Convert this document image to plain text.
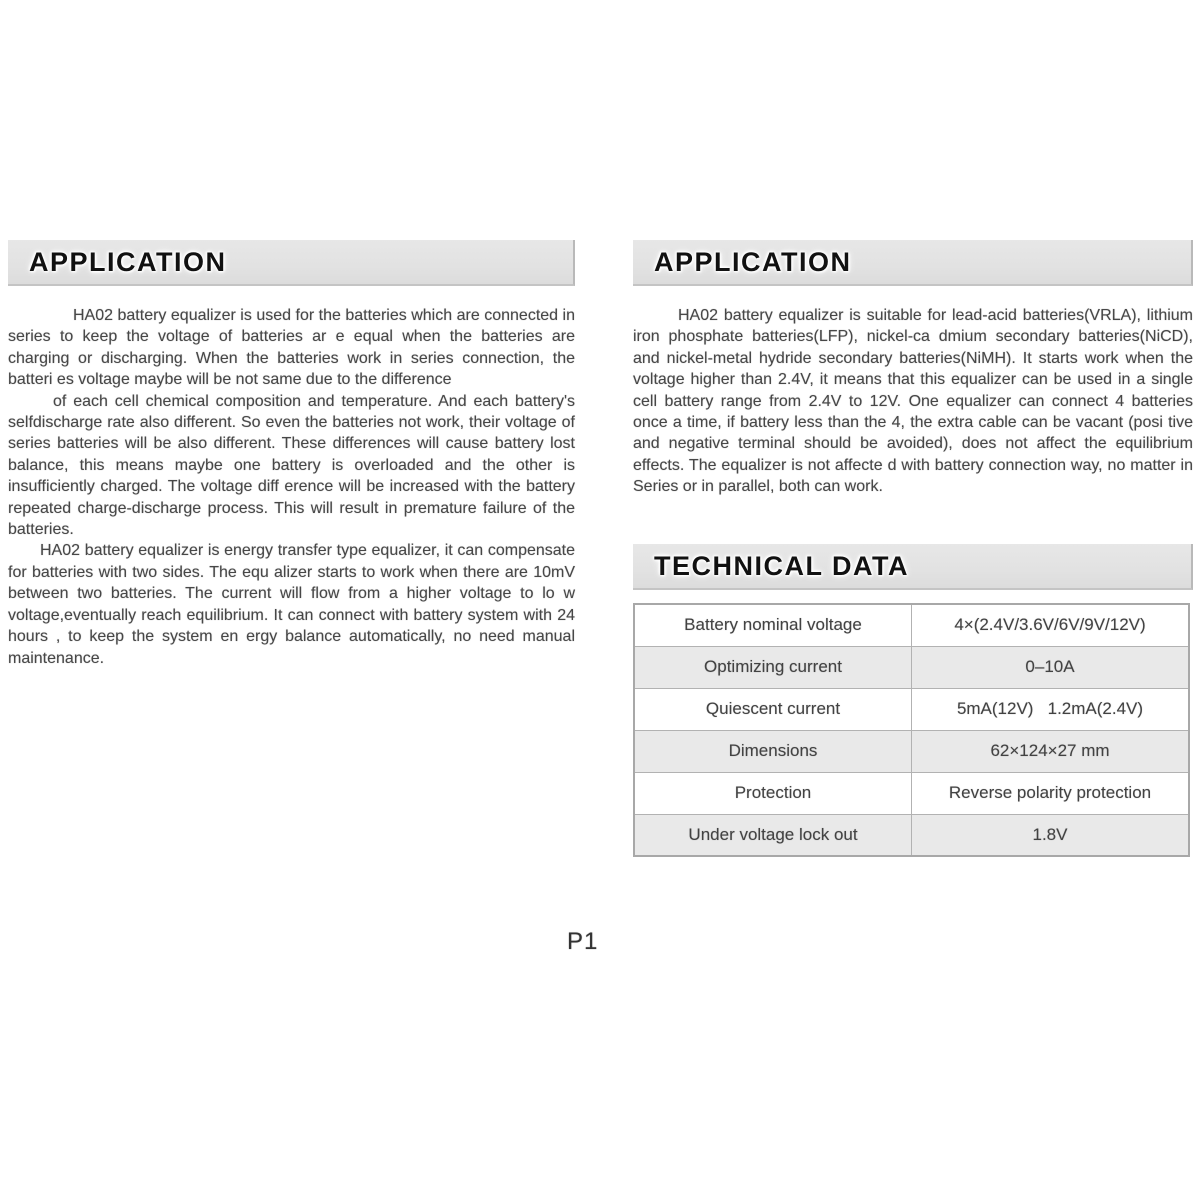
APPLICATION

HA02 battery equalizer is used for the batteries which are connected in series to keep the voltage of batteries ar e equal when the batteries are charging or discharging. When the batteries work in series connection, the batteri es voltage maybe will be not same due to the difference

of each cell chemical composition and temperature. And each battery's selfdischarge rate also different. So even the batteries not work, their voltage of series batteries will be also different. These differences will cause battery lost balance, this means maybe one battery is overloaded and the other is insufficiently charged. The voltage diff erence will be increased with the battery repeated charge-discharge process. This will result in premature failure of the batteries.

HA02 battery equalizer is energy transfer type equalizer, it can compensate for batteries with two sides. The equ alizer starts to work when there are 10mV between two batteries. The current will flow from a higher voltage to lo w voltage,eventually reach equilibrium. It can connect with battery system with 24 hours , to keep the system en ergy balance automatically, no need manual maintenance.

APPLICATION

HA02 battery equalizer is suitable for lead-acid batteries(VRLA), lithium iron phosphate batteries(LFP), nickel-ca dmium secondary batteries(NiCD), and nickel-metal hydride secondary batteries(NiMH). It starts work when the voltage higher than 2.4V, it means that this equalizer can be used in a single cell battery range from 2.4V to 12V. One equalizer can connect 4 batteries once a time, if battery less than the 4, the extra cable can be vacant (posi tive and negative terminal should be avoided), does not affect the equilibrium effects. The equalizer is not affecte d with battery connection way, no matter in Series or in parallel, both can work.

TECHNICAL DATA
Battery nominal voltage	4×(2.4V/3.6V/6V/9V/12V)
Optimizing current	0–10A
Quiescent current	5mA(12V)   1.2mA(2.4V)
Dimensions	62×124×27 mm
Protection	Reverse polarity protection
Under voltage lock out	1.8V
P1
